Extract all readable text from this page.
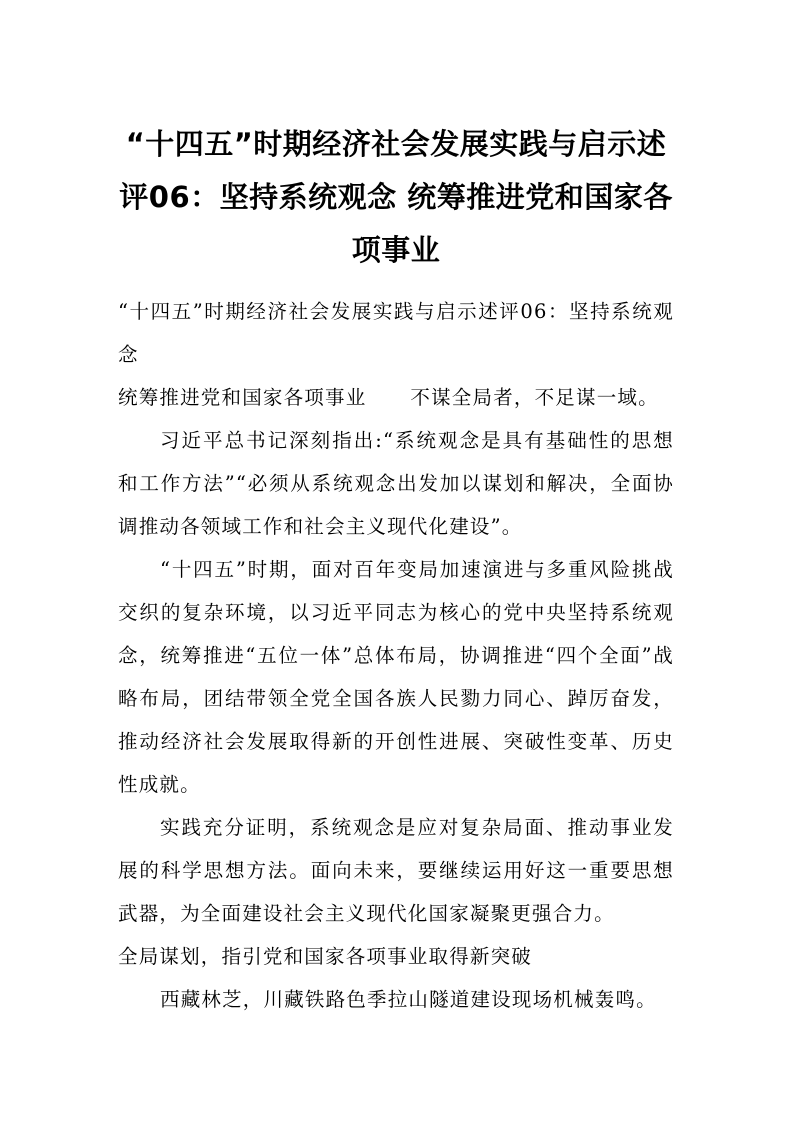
“十四五”时期经济社会发展实践与启示述
评06：坚持系统观念 统筹推进党和国家各
项事业
“十四五”时期经济社会发展实践与启示述评06：坚持系统观
念
统筹推进党和国家各项事业 不谋全局者，不足谋一域。
习近平总书记深刻指出:“系统观念是具有基础性的思想
和工作方法”“必须从系统观念出发加以谋划和解决，全面协
调推动各领域工作和社会主义现代化建设”。
“十四五”时期，面对百年变局加速演进与多重风险挑战
交织的复杂环境，以习近平同志为核心的党中央坚持系统观
念，统筹推进“五位一体”总体布局，协调推进“四个全面”战
略布局，团结带领全党全国各族人民勠力同心、踔厉奋发，
推动经济社会发展取得新的开创性进展、突破性变革、历史
性成就。
实践充分证明，系统观念是应对复杂局面、推动事业发
展的科学思想方法。面向未来，要继续运用好这一重要思想
武器，为全面建设社会主义现代化国家凝聚更强合力。
全局谋划，指引党和国家各项事业取得新突破
西藏林芝，川藏铁路色季拉山隧道建设现场机械轰鸣。
